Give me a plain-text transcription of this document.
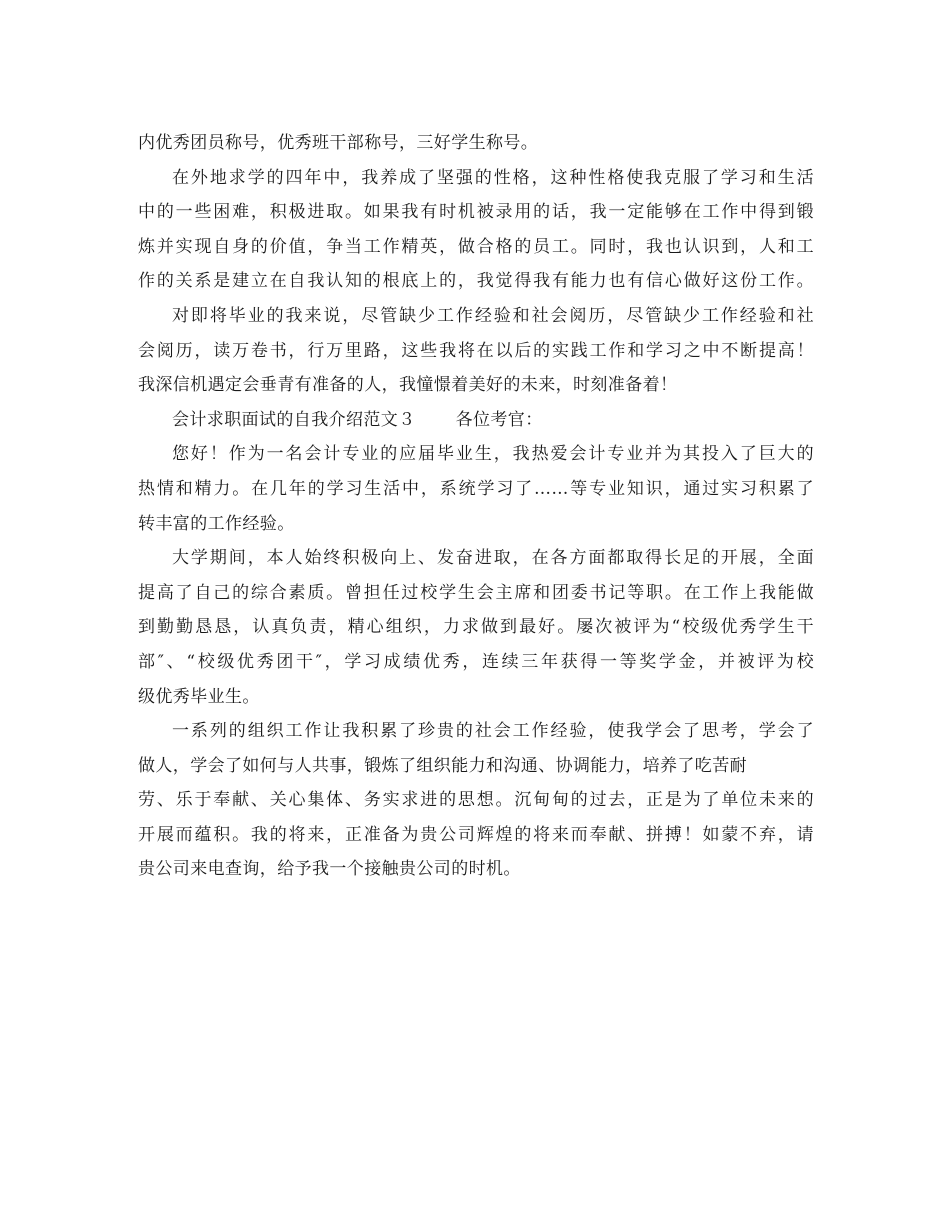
内优秀团员称号，优秀班干部称号，三好学生称号。
在外地求学的四年中，我养成了坚强的性格，这种性格使我克服了学习和生活
中的一些困难，积极进取。如果我有时机被录用的话，我一定能够在工作中得到锻
炼并实现自身的价值，争当工作精英，做合格的员工。同时，我也认识到，人和工
作的关系是建立在自我认知的根底上的，我觉得我有能力也有信心做好这份工作。
对即将毕业的我来说，尽管缺少工作经验和社会阅历，尽管缺少工作经验和社
会阅历，读万卷书，行万里路，这些我将在以后的实践工作和学习之中不断提高！
我深信机遇定会垂青有准备的人，我憧憬着美好的未来，时刻准备着！
会计求职面试的自我介绍范文３ 各位考官：
您好！作为一名会计专业的应届毕业生，我热爱会计专业并为其投入了巨大的
热情和精力。在几年的学习生活中，系统学习了……等专业知识，通过实习积累了
转丰富的工作经验。
大学期间，本人始终积极向上、发奋进取，在各方面都取得长足的开展，全面
提高了自己的综合素质。曾担任过校学生会主席和团委书记等职。在工作上我能做
到勤勤恳恳，认真负责，精心组织，力求做到最好。屡次被评为“校级优秀学生干
部″、“校级优秀团干″，学习成绩优秀，连续三年获得一等奖学金，并被评为校
级优秀毕业生。
一系列的组织工作让我积累了珍贵的社会工作经验，使我学会了思考，学会了
做人，学会了如何与人共事，锻炼了组织能力和沟通、协调能力，培养了吃苦耐
劳、乐于奉献、关心集体、务实求进的思想。沉甸甸的过去，正是为了单位未来的
开展而蕴积。我的将来，正准备为贵公司辉煌的将来而奉献、拼搏！如蒙不弃，请
贵公司来电查询，给予我一个接触贵公司的时机。
